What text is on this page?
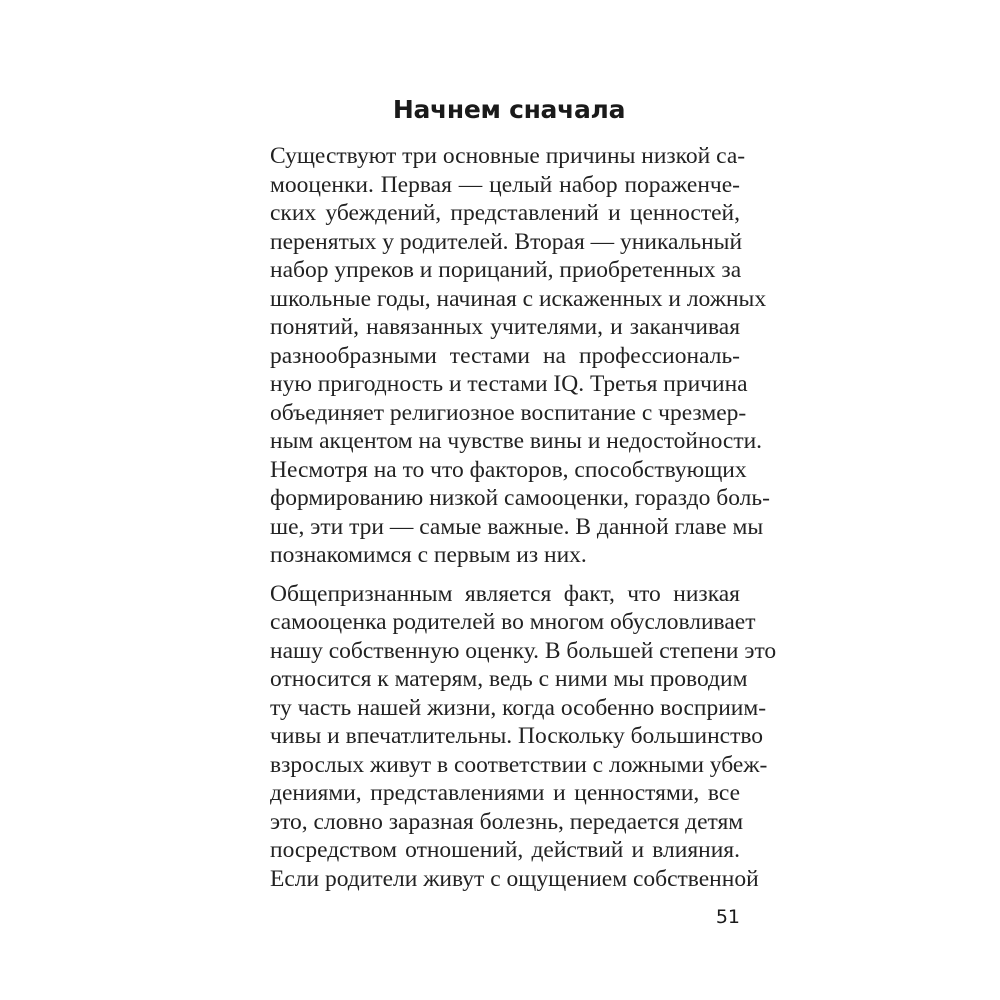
Начнем сначала
Существуют три основные причины низкой са-
мооценки. Первая — целый набор пораженче-
ских убеждений, представлений и ценностей,
перенятых у родителей. Вторая — уникальный
набор упреков и порицаний, приобретенных за
школьные годы, начиная с искаженных и ложных
понятий, навязанных учителями, и заканчивая
разнообразными тестами на профессиональ-
ную пригодность и тестами IQ. Третья причина
объединяет религиозное воспитание с чрезмер-
ным акцентом на чувстве вины и недостойности.
Несмотря на то что факторов, способствующих
формированию низкой самооценки, гораздо боль-
ше, эти три — самые важные. В данной главе мы
познакомимся с первым из них.
Общепризнанным является факт, что низкая
самооценка родителей во многом обусловливает
нашу собственную оценку. В большей степени это
относится к матерям, ведь с ними мы проводим
ту часть нашей жизни, когда особенно восприим-
чивы и впечатлительны. Поскольку большинство
взрослых живут в соответствии с ложными убеж-
дениями, представлениями и ценностями, все
это, словно заразная болезнь, передается детям
посредством отношений, действий и влияния.
Если родители живут с ощущением собственной
51
